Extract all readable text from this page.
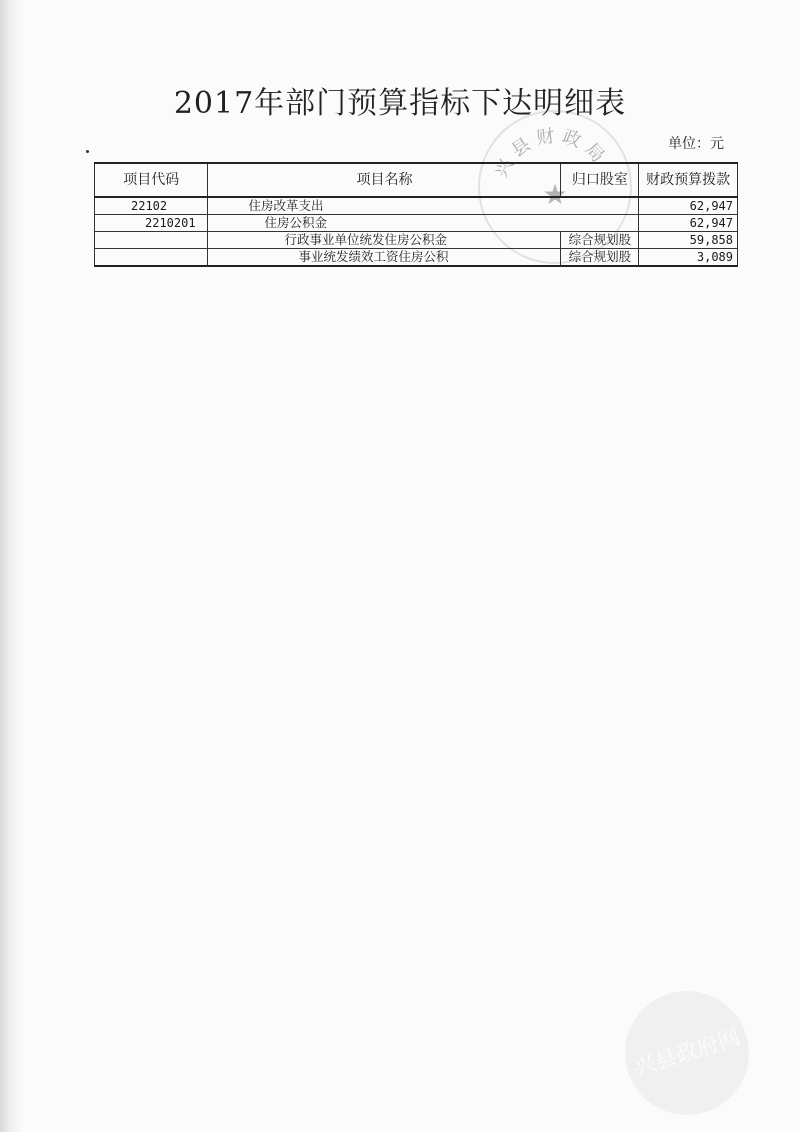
2017年部门预算指标下达明细表
单位：元
兴县财政局
★
项目代码	项目名称	归口股室	财政预算拨款
22102	住房改革支出		62,947
2210201	住房公积金		62,947
	行政事业单位统发住房公积金	综合规划股	59,858
	事业统发绩效工资住房公积	综合规划股	3,089
兴县政府网
